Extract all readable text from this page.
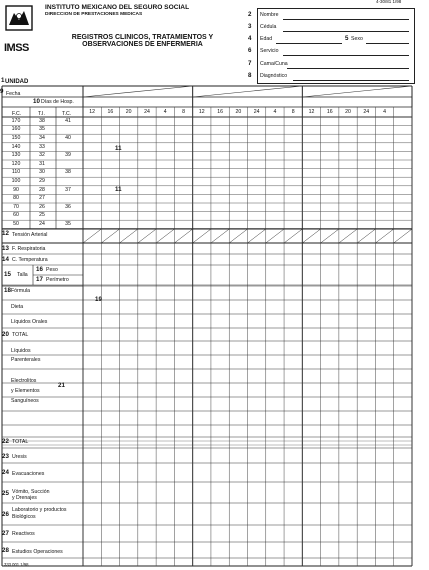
4-30/81 1/98
IMSS
INSTITUTO MEXICANO DEL SEGURO SOCIAL
DIRECCION DE PRESTACIONES MEDICAS
REGISTROS CLINICOS, TRATAMIENTOS Y
OBSERVACIONES DE ENFERMERIA
2 Nombre
3 Cédula
4 Edad	5 Sexo
6 Servicio
7 Cama/Cuna
8 Diagnóstico
1 UNIDAD
9 Fecha
10 Días de Hosp.
F.C.	T.I.	T.C.	12 16 20 24	4	8	12 16 20 24	4	8	12 16 20 24	4
170	38	41
160	35
150	34	40
140	33
130	32	39
120	31
110	30	38
100	29
90	28	37
80	27
70	26	36
60	25
50	24	35
11
11
12 Tensión Arterial
13 F. Respiratoria
14 C. Temperatura
15 Talla
16 Peso
17 Perímetro
18 Fórmula
Dieta
Líquidos Orales
19
20 TOTAL
Líquidos
Parenterales
Electrolitos
y Elementos
Sanguíneos
21
22 TOTAL
23 Uresis
24 Evacuaciones
25 Vómito, Succión
y Drenajes
26
Laboratorio y productos
Biológicos
27 Reactivos
28 Estudios Operaciones
333 001 1/98
